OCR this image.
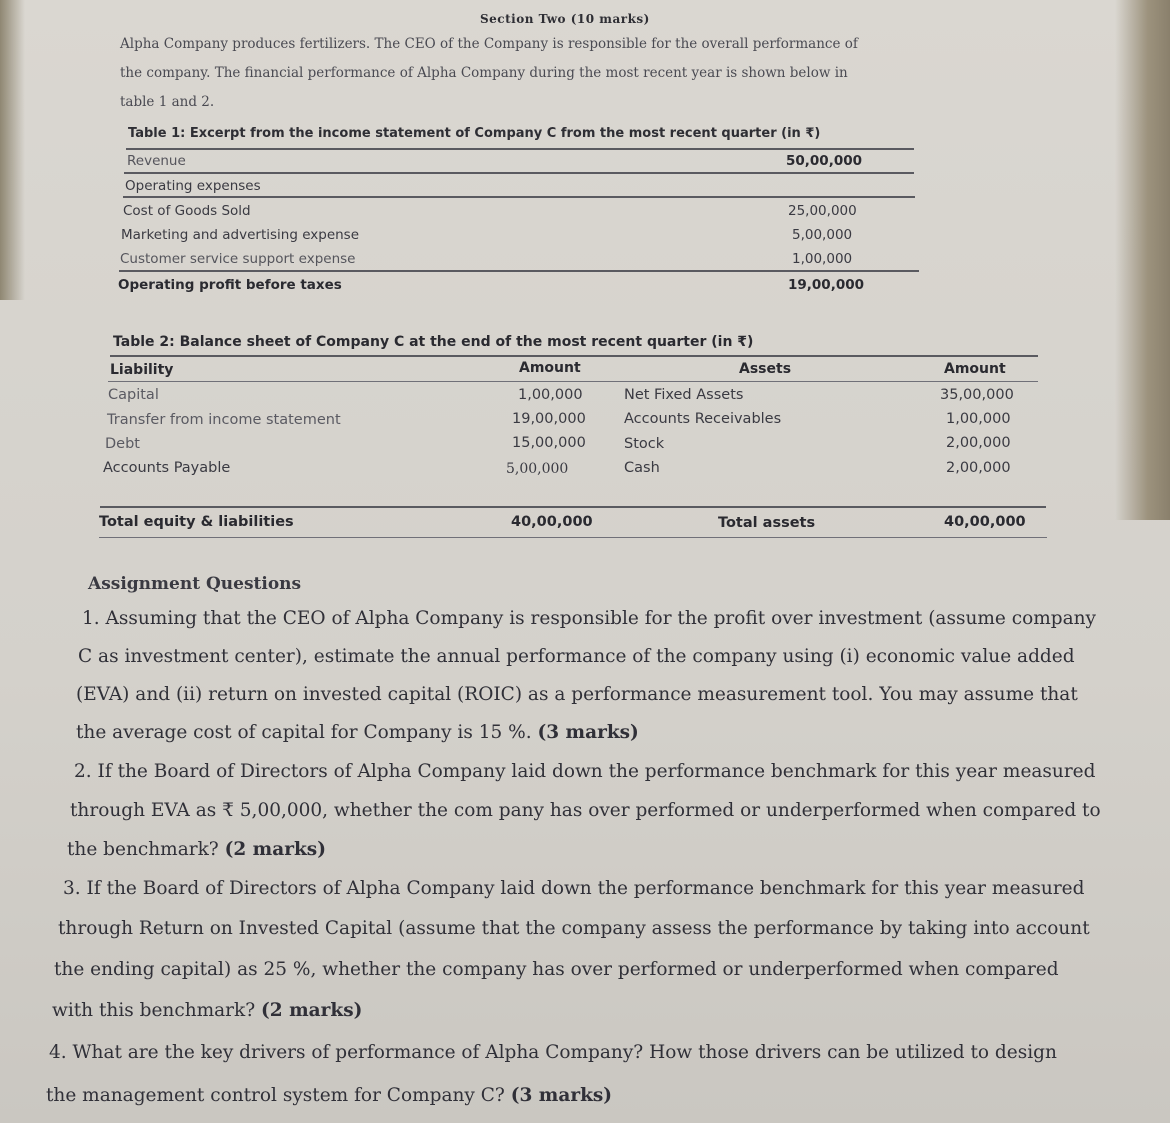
Section Two (10 marks)
Alpha Company produces fertilizers. The CEO of the Company is responsible for the overall performance of
the company. The financial performance of Alpha Company during the most recent year is shown below in
table 1 and 2.
Table 1: Excerpt from the income statement of Company C from the most recent quarter (in ₹)
Revenue	50,00,000
Operating expenses
Cost of Goods Sold	25,00,000
Marketing and advertising expense	5,00,000
Customer service support expense	1,00,000
Operating profit before taxes	19,00,000
Table 2: Balance sheet of Company C at the end of the most recent quarter (in ₹)
Liability	Amount	Assets	Amount
Capital	1,00,000	Net Fixed Assets	35,00,000
Transfer from income statement	19,00,000	Accounts Receivables	1,00,000
Debt	15,00,000	Stock	2,00,000
Accounts Payable	5,00,000	Cash	2,00,000
Total equity & liabilities	40,00,000	Total assets	40,00,000
Assignment Questions
1. Assuming that the CEO of Alpha Company is responsible for the profit over investment (assume company
C as investment center), estimate the annual performance of the company using (i) economic value added
(EVA) and (ii) return on invested capital (ROIC) as a performance measurement tool. You may assume that
the average cost of capital for Company is 15 %. (3 marks)
2. If the Board of Directors of Alpha Company laid down the performance benchmark for this year measured
through EVA as ₹ 5,00,000, whether the com pany has over performed or underperformed when compared to
the benchmark? (2 marks)
3. If the Board of Directors of Alpha Company laid down the performance benchmark for this year measured
through Return on Invested Capital (assume that the company assess the performance by taking into account
the ending capital) as 25 %, whether the company has over performed or underperformed when compared
with this benchmark? (2 marks)
4. What are the key drivers of performance of Alpha Company? How those drivers can be utilized to design
the management control system for Company C? (3 marks)
